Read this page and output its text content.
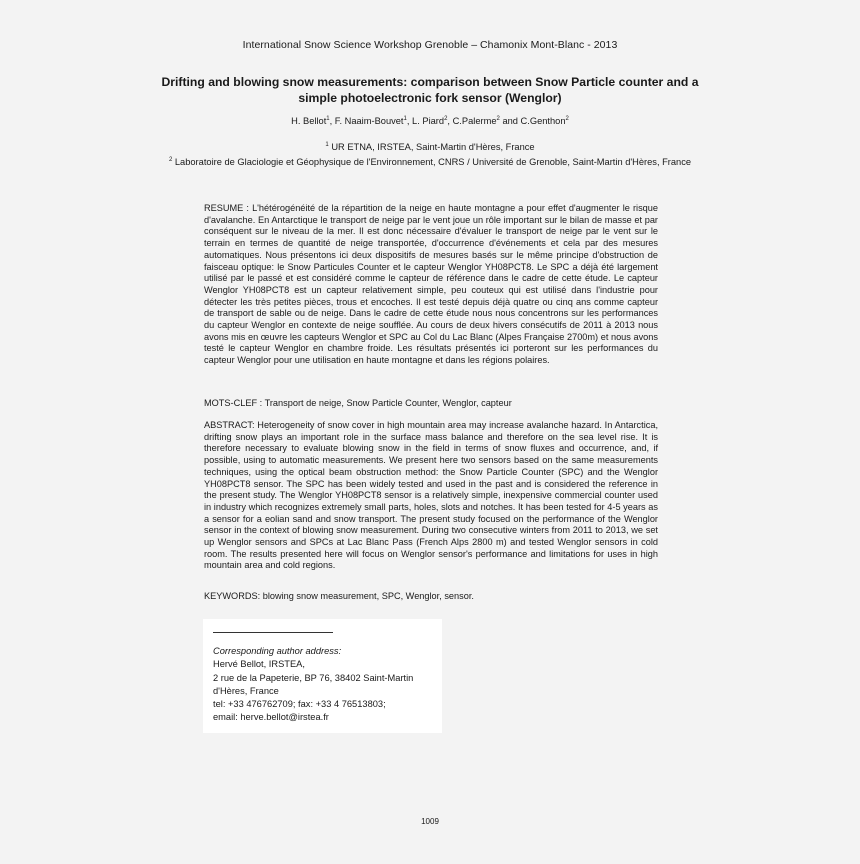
International Snow Science Workshop Grenoble – Chamonix Mont-Blanc - 2013
Drifting and blowing snow measurements: comparison between Snow Particle counter and a simple photoelectronic fork sensor (Wenglor)
H. Bellot$^1$, F. Naaim-Bouvet$^1$, L. Piard$^2$, C.Palerme$^2$ and C.Genthon$^2$
$^1$ UR ETNA, IRSTEA, Saint-Martin d'Hères, France
$^2$ Laboratoire de Glaciologie et Géophysique de l'Environnement, CNRS / Université de Grenoble, Saint-Martin d'Hères, France
RESUME : L'hétérogénéité de la répartition de la neige en haute montagne a pour effet d'augmenter le risque d'avalanche. En Antarctique le transport de neige par le vent joue un rôle important sur le bilan de masse et par conséquent sur le niveau de la mer. Il est donc nécessaire d'évaluer le transport de neige par le vent sur le terrain en termes de quantité de neige transportée, d'occurrence d'événements et cela par des mesures automatiques. Nous présentons ici deux dispositifs de mesures basés sur le même principe d'obstruction de faisceau optique: le Snow Particules Counter et le capteur Wenglor YH08PCT8. Le SPC a déjà été largement utilisé par le passé et est considéré comme le capteur de référence dans le cadre de cette étude. Le capteur Wenglor YH08PCT8 est un capteur relativement simple, peu couteux qui est utilisé dans l'industrie pour détecter les très petites pièces, trous et encoches. Il est testé depuis déjà quatre ou cinq ans comme capteur de transport de sable ou de neige. Dans le cadre de cette étude nous nous concentrons sur les performances du capteur Wenglor en contexte de neige soufflée. Au cours de deux hivers consécutifs de 2011 à 2013 nous avons mis en œuvre les capteurs Wenglor et SPC au Col du Lac Blanc (Alpes Française 2700m) et nous avons testé le capteur Wenglor en chambre froide. Les résultats présentés ici porteront sur les performances du capteur Wenglor pour une utilisation en haute montagne et dans les régions polaires.
MOTS-CLEF : Transport de neige, Snow Particle Counter, Wenglor, capteur
ABSTRACT: Heterogeneity of snow cover in high mountain area may increase avalanche hazard. In Antarctica, drifting snow plays an important role in the surface mass balance and therefore on the sea level rise. It is therefore necessary to evaluate blowing snow in the field in terms of snow fluxes and occurrence, and, if possible, using to automatic measurements. We present here two sensors based on the same measurements techniques, using the optical beam obstruction method: the Snow Particle Counter (SPC) and the Wenglor YH08PCT8 sensor. The SPC has been widely tested and used in the past and is considered the reference in the present study. The Wenglor YH08PCT8 sensor is a relatively simple, inexpensive commercial counter used in industry which recognizes extremely small parts, holes, slots and notches. It has been tested for 4-5 years as a sensor for a eolian sand and snow transport. The present study focused on the performance of the Wenglor sensor in the context of blowing snow measurement. During two consecutive winters from 2011 to 2013, we set up Wenglor sensors and SPCs at Lac Blanc Pass (French Alps 2800 m) and tested Wenglor sensors in cold room. The results presented here will focus on Wenglor sensor's performance and limitations for uses in high mountain area and cold regions.
KEYWORDS: blowing snow measurement, SPC, Wenglor, sensor.
Corresponding author address:
Hervé Bellot, IRSTEA,
2 rue de la Papeterie, BP 76, 38402 Saint-Martin d'Hères, France
tel: +33 476762709; fax: +33 4 76513803;
email: herve.bellot@irstea.fr
1009
